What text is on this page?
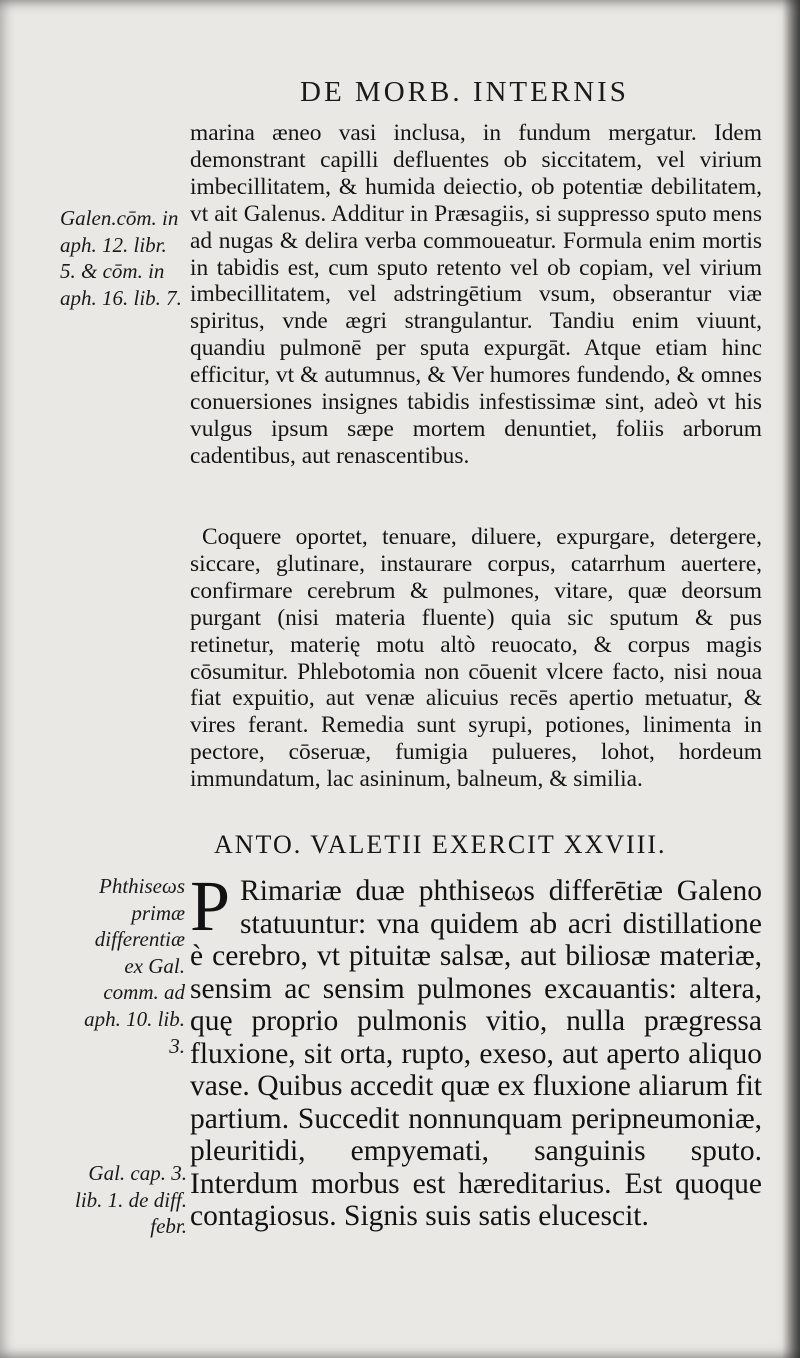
DE MORB. INTERNIS
Galen.cōm. in aph. 12. libr. 5. & cōm. in aph. 16. lib. 7.

marina æneo vasi inclusa, in fundum mergatur. Idem demonstrant capilli defluentes ob siccitatem, vel virium imbecillitatem, & humida deiectio, ob potentiæ debilitatem, vt ait Galenus. Additur in Præsagiis, si suppresso sputo mens ad nugas & delira verba commoueatur. Formula enim mortis in tabidis est, cum sputo retento vel ob copiam, vel virium imbecillitatem, vel adstringētium vsum, obserantur viæ spiritus, vnde ægri strangulantur. Tandiu enim viuunt, quandiu pulmonē per sputa expurgāt. Atque etiam hinc efficitur, vt & autumnus, & Ver humores fundendo, & omnes conuersiones insignes tabidis infestissimæ sint, adeò vt his vulgus ipsum sæpe mortem denuntiet, foliis arborum cadentibus, aut renascentibus.

Coquere oportet, tenuare, diluere, expurgare, detergere, siccare, glutinare, instaurare corpus, catarrhum auertere, confirmare cerebrum & pulmones, vitare, quæ deorsum purgant (nisi materia fluente) quia sic sputum & pus retinetur, materię motu altò reuocato, & corpus magis cōsumitur. Phlebotomia non cōuenit vlcere facto, nisi noua fiat expuitio, aut venæ alicuius recēs apertio metuatur, & vires ferant. Remedia sunt syrupi, potiones, linimenta in pectore, cōseruæ, fumigia pulueres, lohot, hordeum immundatum, lac asininum, balneum, & similia.

ANTO. VALETII EXERCIT XXVIII.
Phthiseωs primæ differentiæ ex Gal. comm. ad aph. 10. lib. 3.
P Rimariæ duæ phthiseωs differētiæ Galeno statuuntur: vna quidem ab acri distillatione è cerebro, vt pituitæ salsæ, aut biliosæ materiæ, sensim ac sensim pulmones excauantis: altera, quę proprio pulmonis vitio, nulla prægressa fluxione, sit orta, rupto, exeso, aut aperto aliquo vase. Quibus accedit quæ ex fluxione aliarum fit partium. Succedit nonnunquam peripneumoniæ, pleuritidi, empyemati, sanguinis sputo. Interdum morbus est hæreditarius. Est quoque contagiosus. Signis suis satis elucescit.
Gal. cap. 3. lib. 1. de diff. febr.
